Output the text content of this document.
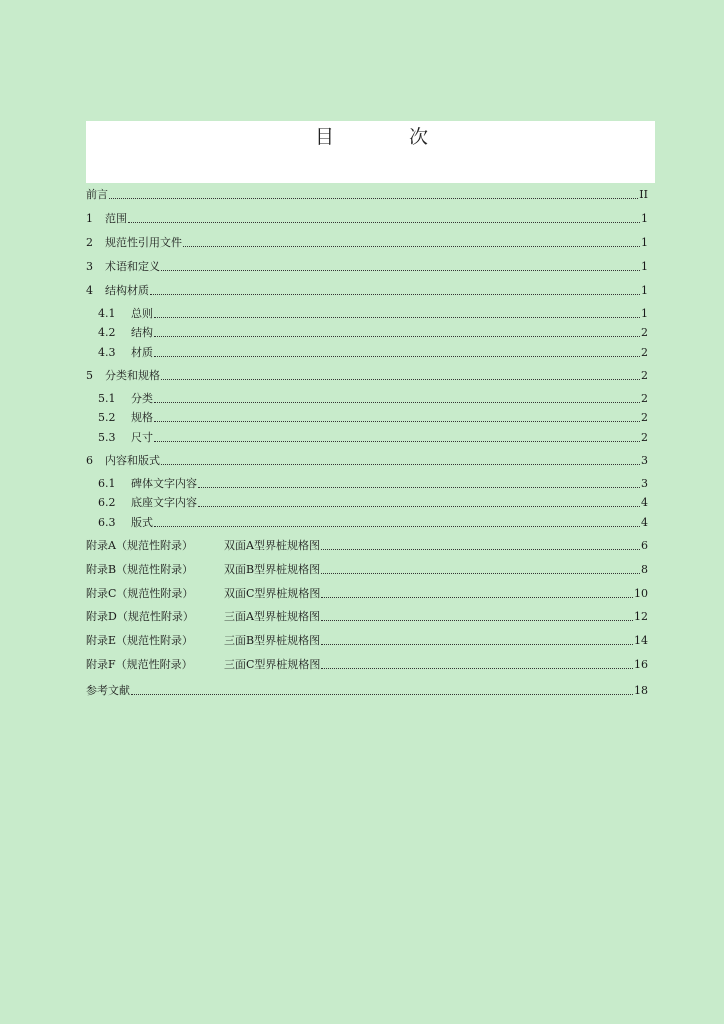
目	次
前言	II
1	范围	1
2	规范性引用文件	1
3	术语和定义	1
4	结构材质	1
4.1	总则	1
4.2	结构	2
4.3	材质	2
5	分类和规格	2
5.1	分类	2
5.2	规格	2
5.3	尺寸	2
6	内容和版式	3
6.1	碑体文字内容	3
6.2	底座文字内容	4
6.3	版式	4
附录A（规范性附录）	双面A型界桩规格图	6
附录B（规范性附录）	双面B型界桩规格图	8
附录C（规范性附录）	双面C型界桩规格图	10
附录D（规范性附录）	三面A型界桩规格图	12
附录E（规范性附录）	三面B型界桩规格图	14
附录F（规范性附录）	三面C型界桩规格图	16
参考文献	18
